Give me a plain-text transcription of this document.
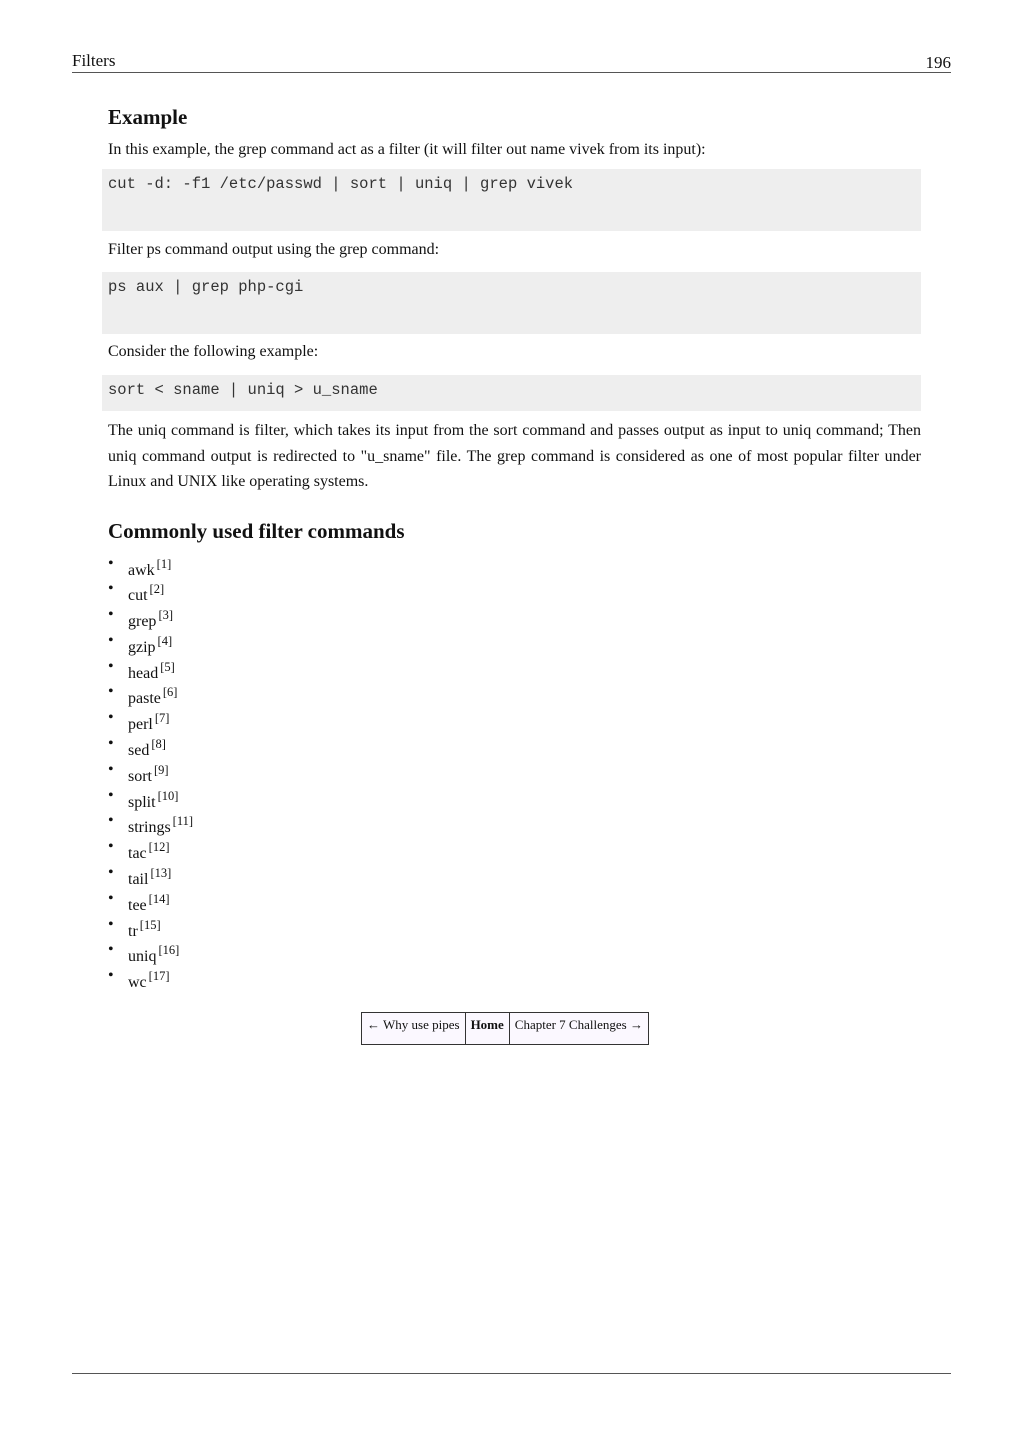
Filters	196
Example

In this example, the grep command act as a filter (it will filter out name vivek from its input):

cut -d: -f1 /etc/passwd | sort | uniq | grep vivek

Filter ps command output using the grep command:

ps aux | grep php-cgi

Consider the following example:

sort < sname | uniq > u_sname

The uniq command is filter, which takes its input from the sort command and passes output as input to uniq command; Then uniq command output is redirected to "u_sname" file. The grep command is considered as one of most popular filter under Linux and UNIX like operating systems.

Commonly used filter commands
• awk [1]
• cut [2]
• grep [3]
• gzip [4]
• head [5]
• paste [6]
• perl [7]
• sed [8]
• sort [9]
• split [10]
• strings [11]
• tac [12]
• tail [13]
• tee [14]
• tr [15]
• uniq [16]
• wc [17]
← Why use pipes Home Chapter 7 Challenges →
